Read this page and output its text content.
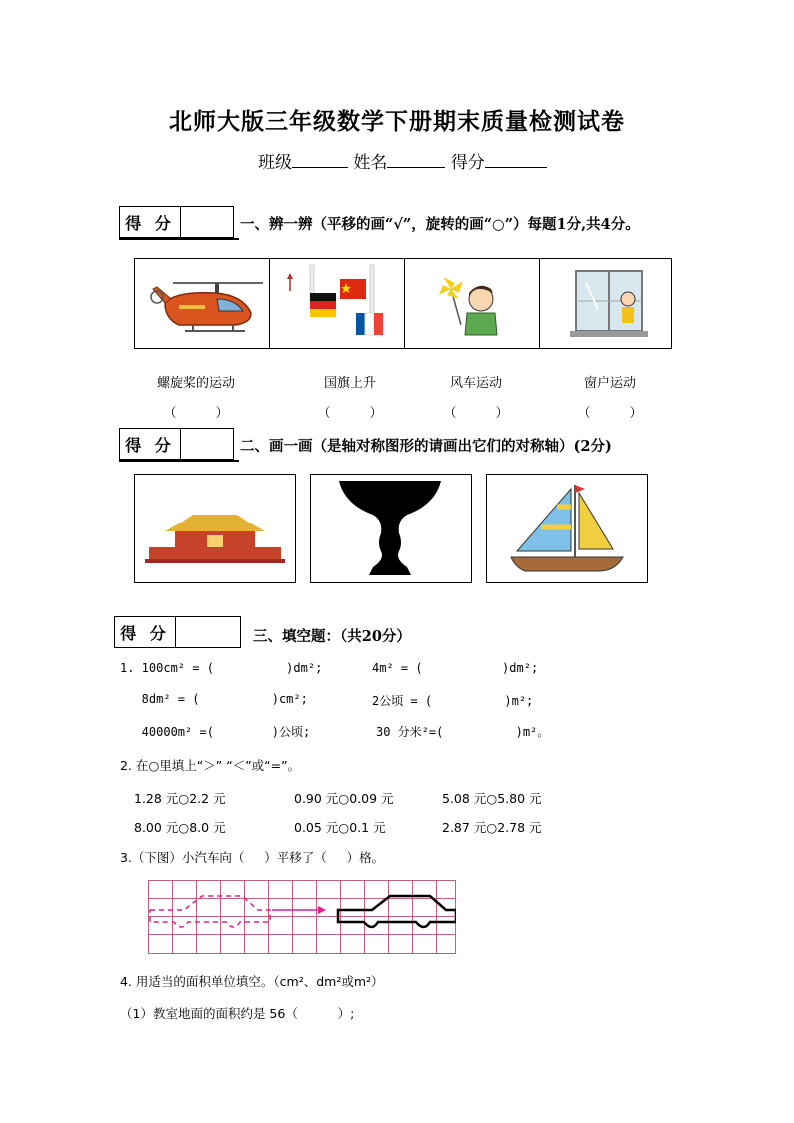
北师大版三年级数学下册期末质量检测试卷
班级	姓名	得分
得 分	一、辨一辨（平移的画“√”，旋转的画“○”）每题1分,共4分。
螺旋桨的运动	国旗上升	风车运动	窗户运动
（　　　）	（　　　）	（　　　）	（　　　）
得 分	二、画一画（是轴对称图形的请画出它们的对称轴）(2分)
得 分	三、填空题：（共20分）
1. 100cm² = (          )dm²;	4m² = (           )dm²;
8dm² = (          )cm²;	2公顷 = (          )m²;
40000m² =(        )公顷;	30 分米²=(          )m²。
2. 在○里填上“＞” “＜”或“=”。
1.28 元○2.2 元	0.90 元○0.09 元	5.08 元○5.80 元
8.00 元○8.0 元	0.05 元○0.1 元	2.87 元○2.78 元
3.（下图）小汽车向（     ）平移了（     ）格。
4. 用适当的面积单位填空。（cm²、dm²或m²）
（1）教室地面的面积约是 56（          ）;
